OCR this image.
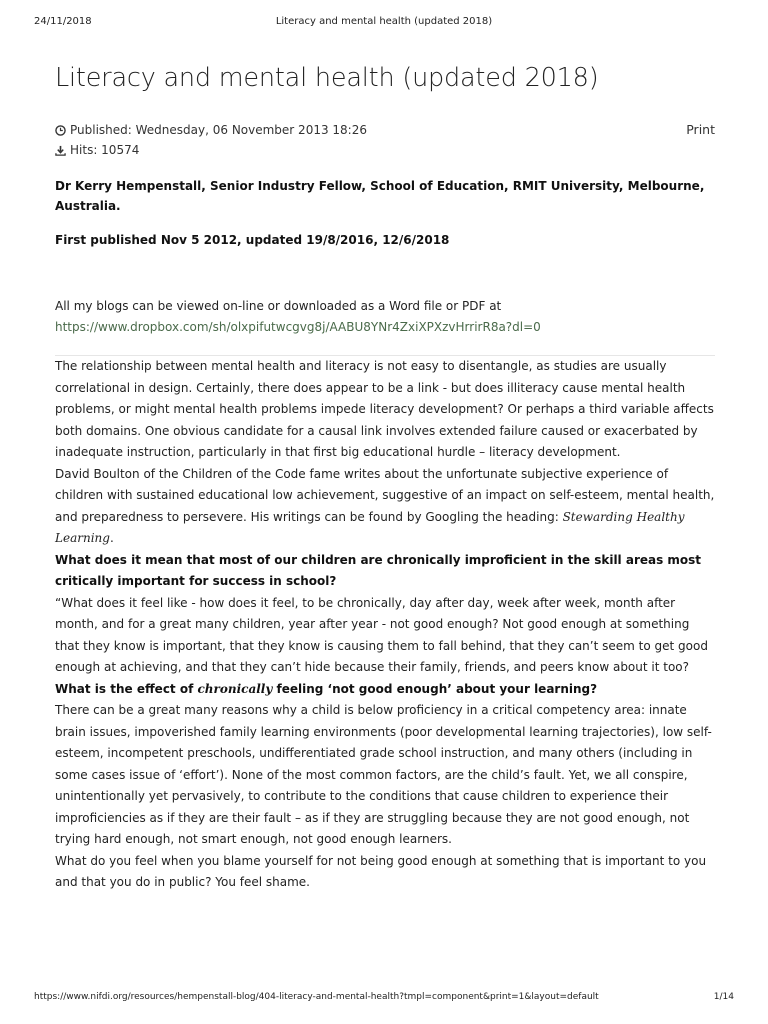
24/11/2018	Literacy and mental health (updated 2018)
Literacy and mental health (updated 2018)
Published: Wednesday, 06 November 2013 18:26
Hits: 10574
Print
Dr Kerry Hempenstall, Senior Industry Fellow, School of Education, RMIT University, Melbourne, Australia.
First published Nov 5 2012, updated 19/8/2016, 12/6/2018
All my blogs can be viewed on-line or downloaded as a Word file or PDF at
https://www.dropbox.com/sh/olxpifutwcgvg8j/AABU8YNr4ZxiXPXzvHrrirR8a?dl=0

The relationship between mental health and literacy is not easy to disentangle, as studies are usually correlational in design. Certainly, there does appear to be a link - but does illiteracy cause mental health problems, or might mental health problems impede literacy development? Or perhaps a third variable affects both domains. One obvious candidate for a causal link involves extended failure caused or exacerbated by inadequate instruction, particularly in that first big educational hurdle – literacy development.

David Boulton of the Children of the Code fame writes about the unfortunate subjective experience of children with sustained educational low achievement, suggestive of an impact on self-esteem, mental health, and preparedness to persevere. His writings can be found by Googling the heading: Stewarding Healthy Learning.

What does it mean that most of our children are chronically improficient in the skill areas most critically important for success in school?

“What does it feel like - how does it feel, to be chronically, day after day, week after week, month after month, and for a great many children, year after year - not good enough? Not good enough at something that they know is important, that they know is causing them to fall behind, that they can’t seem to get good enough at achieving, and that they can’t hide because their family, friends, and peers know about it too?

What is the effect of chronically feeling ‘not good enough’ about your learning?

There can be a great many reasons why a child is below proficiency in a critical competency area: innate brain issues, impoverished family learning environments (poor developmental learning trajectories), low self-esteem, incompetent preschools, undifferentiated grade school instruction, and many others (including in some cases issue of ‘effort’). None of the most common factors, are the child’s fault. Yet, we all conspire, unintentionally yet pervasively, to contribute to the conditions that cause children to experience their improficiencies as if they are their fault – as if they are struggling because they are not good enough, not trying hard enough, not smart enough, not good enough learners.

What do you feel when you blame yourself for not being good enough at something that is important to you and that you do in public? You feel shame.

https://www.nifdi.org/resources/hempenstall-blog/404-literacy-and-mental-health?tmpl=component&print=1&layout=default	1/14
